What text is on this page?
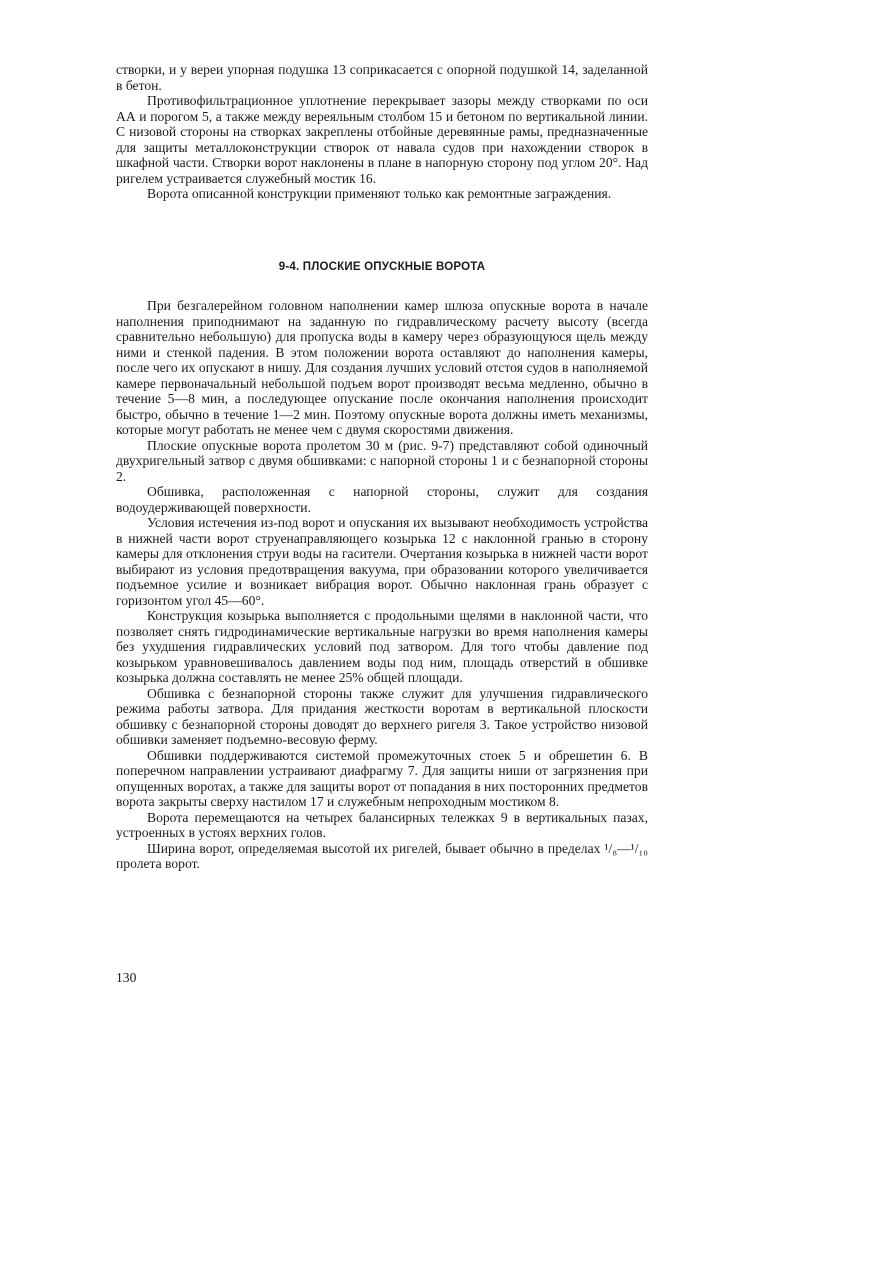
створки, и у вереи упорная подушка 13 соприкасается с опорной подушкой 14, заделанной в бетон.

Противофильтрационное уплотнение перекрывает зазоры между створками по оси АА и порогом 5, а также между вереяльным столбом 15 и бетоном по вертикальной линии. С низовой стороны на створках закреплены отбойные деревянные рамы, предназначенные для защиты металлоконструкции створок от навала судов при нахождении створок в шкафной части. Створки ворот наклонены в плане в напорную сторону под углом 20°. Над ригелем устраивается служебный мостик 16.

Ворота описанной конструкции применяют только как ремонтные заграждения.

9-4. ПЛОСКИЕ ОПУСКНЫЕ ВОРОТА

При безгалерейном головном наполнении камер шлюза опускные ворота в начале наполнения приподнимают на заданную по гидравлическому расчету высоту (всегда сравнительно небольшую) для пропуска воды в камеру через образующуюся щель между ними и стенкой падения. В этом положении ворота оставляют до наполнения камеры, после чего их опускают в нишу. Для создания лучших условий отстоя судов в наполняемой камере первоначальный небольшой подъем ворот производят весьма медленно, обычно в течение 5—8 мин, а последующее опускание после окончания наполнения происходит быстро, обычно в течение 1—2 мин. Поэтому опускные ворота должны иметь механизмы, которые могут работать не менее чем с двумя скоростями движения.

Плоские опускные ворота пролетом 30 м (рис. 9-7) представляют собой одиночный двухригельный затвор с двумя обшивками: с напорной стороны 1 и с безнапорной стороны 2.

Обшивка, расположенная с напорной стороны, служит для создания водоудерживающей поверхности.

Условия истечения из-под ворот и опускания их вызывают необходимость устройства в нижней части ворот струенаправляющего козырька 12 с наклонной гранью в сторону камеры для отклонения струи воды на гасители. Очертания козырька в нижней части ворот выбирают из условия предотвращения вакуума, при образовании которого увеличивается подъемное усилие и возникает вибрация ворот. Обычно наклонная грань образует с горизонтом угол 45—60°.

Конструкция козырька выполняется с продольными щелями в наклонной части, что позволяет снять гидродинамические вертикальные нагрузки во время наполнения камеры без ухудшения гидравлических условий под затвором. Для того чтобы давление под козырьком уравновешивалось давлением воды под ним, площадь отверстий в обшивке козырька должна составлять не менее 25% общей площади.

Обшивка с безнапорной стороны также служит для улучшения гидравлического режима работы затвора. Для придания жесткости воротам в вертикальной плоскости обшивку с безнапорной стороны доводят до верхнего ригеля 3. Такое устройство низовой обшивки заменяет подъемно-весовую ферму.

Обшивки поддерживаются системой промежуточных стоек 5 и обрешетин 6. В поперечном направлении устраивают диафрагму 7. Для защиты ниши от загрязнения при опущенных воротах, а также для защиты ворот от попадания в них посторонних предметов ворота закрыты сверху настилом 17 и служебным непроходным мостиком 8.

Ворота перемещаются на четырех балансирных тележках 9 в вертикальных пазах, устроенных в устоях верхних голов.

Ширина ворот, определяемая высотой их ригелей, бывает обычно в пределах ¹/₈—¹/₁₀ пролета ворот.

130
